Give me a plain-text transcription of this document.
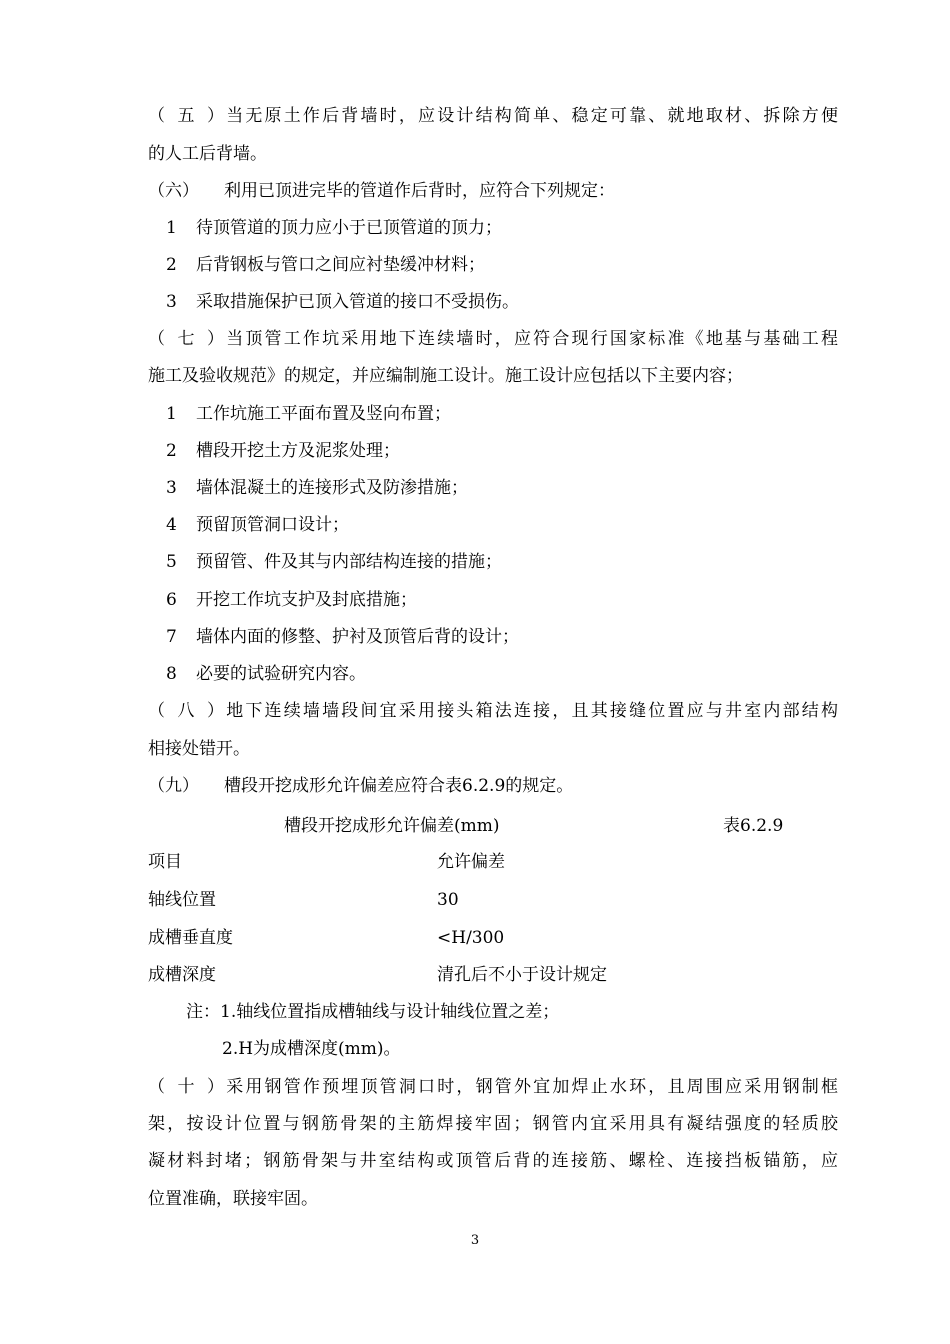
（五）当无原土作后背墙时，应设计结构简单、稳定可靠、就地取材、拆除方便
的人工后背墙。
（六） 利用已顶进完毕的管道作后背时，应符合下列规定：
1 待顶管道的顶力应小于已顶管道的顶力；
2 后背钢板与管口之间应衬垫缓冲材料；
3 采取措施保护已顶入管道的接口不受损伤。
（七）当顶管工作坑采用地下连续墙时，应符合现行国家标准《地基与基础工程
施工及验收规范》的规定，并应编制施工设计。施工设计应包括以下主要内容；
1 工作坑施工平面布置及竖向布置；
2 槽段开挖土方及泥浆处理；
3 墙体混凝土的连接形式及防渗措施；
4 预留顶管洞口设计；
5 预留管、件及其与内部结构连接的措施；
6 开挖工作坑支护及封底措施；
7 墙体内面的修整、护衬及顶管后背的设计；
8 必要的试验研究内容。
（八）地下连续墙墙段间宜采用接头箱法连接，且其接缝位置应与井室内部结构
相接处错开。
（九） 槽段开挖成形允许偏差应符合表6.2.9的规定。
槽段开挖成形允许偏差(mm)	表6.2.9
项目	允许偏差
轴线位置	30
成槽垂直度	<H/300
成槽深度	清孔后不小于设计规定
注：1.轴线位置指成槽轴线与设计轴线位置之差；
2.H为成槽深度(mm)。
（十）采用钢管作预埋顶管洞口时，钢管外宜加焊止水环，且周围应采用钢制框
架，按设计位置与钢筋骨架的主筋焊接牢固；钢管内宜采用具有凝结强度的轻质胶
凝材料封堵；钢筋骨架与井室结构或顶管后背的连接筋、螺栓、连接挡板锚筋，应
位置准确，联接牢固。
3
